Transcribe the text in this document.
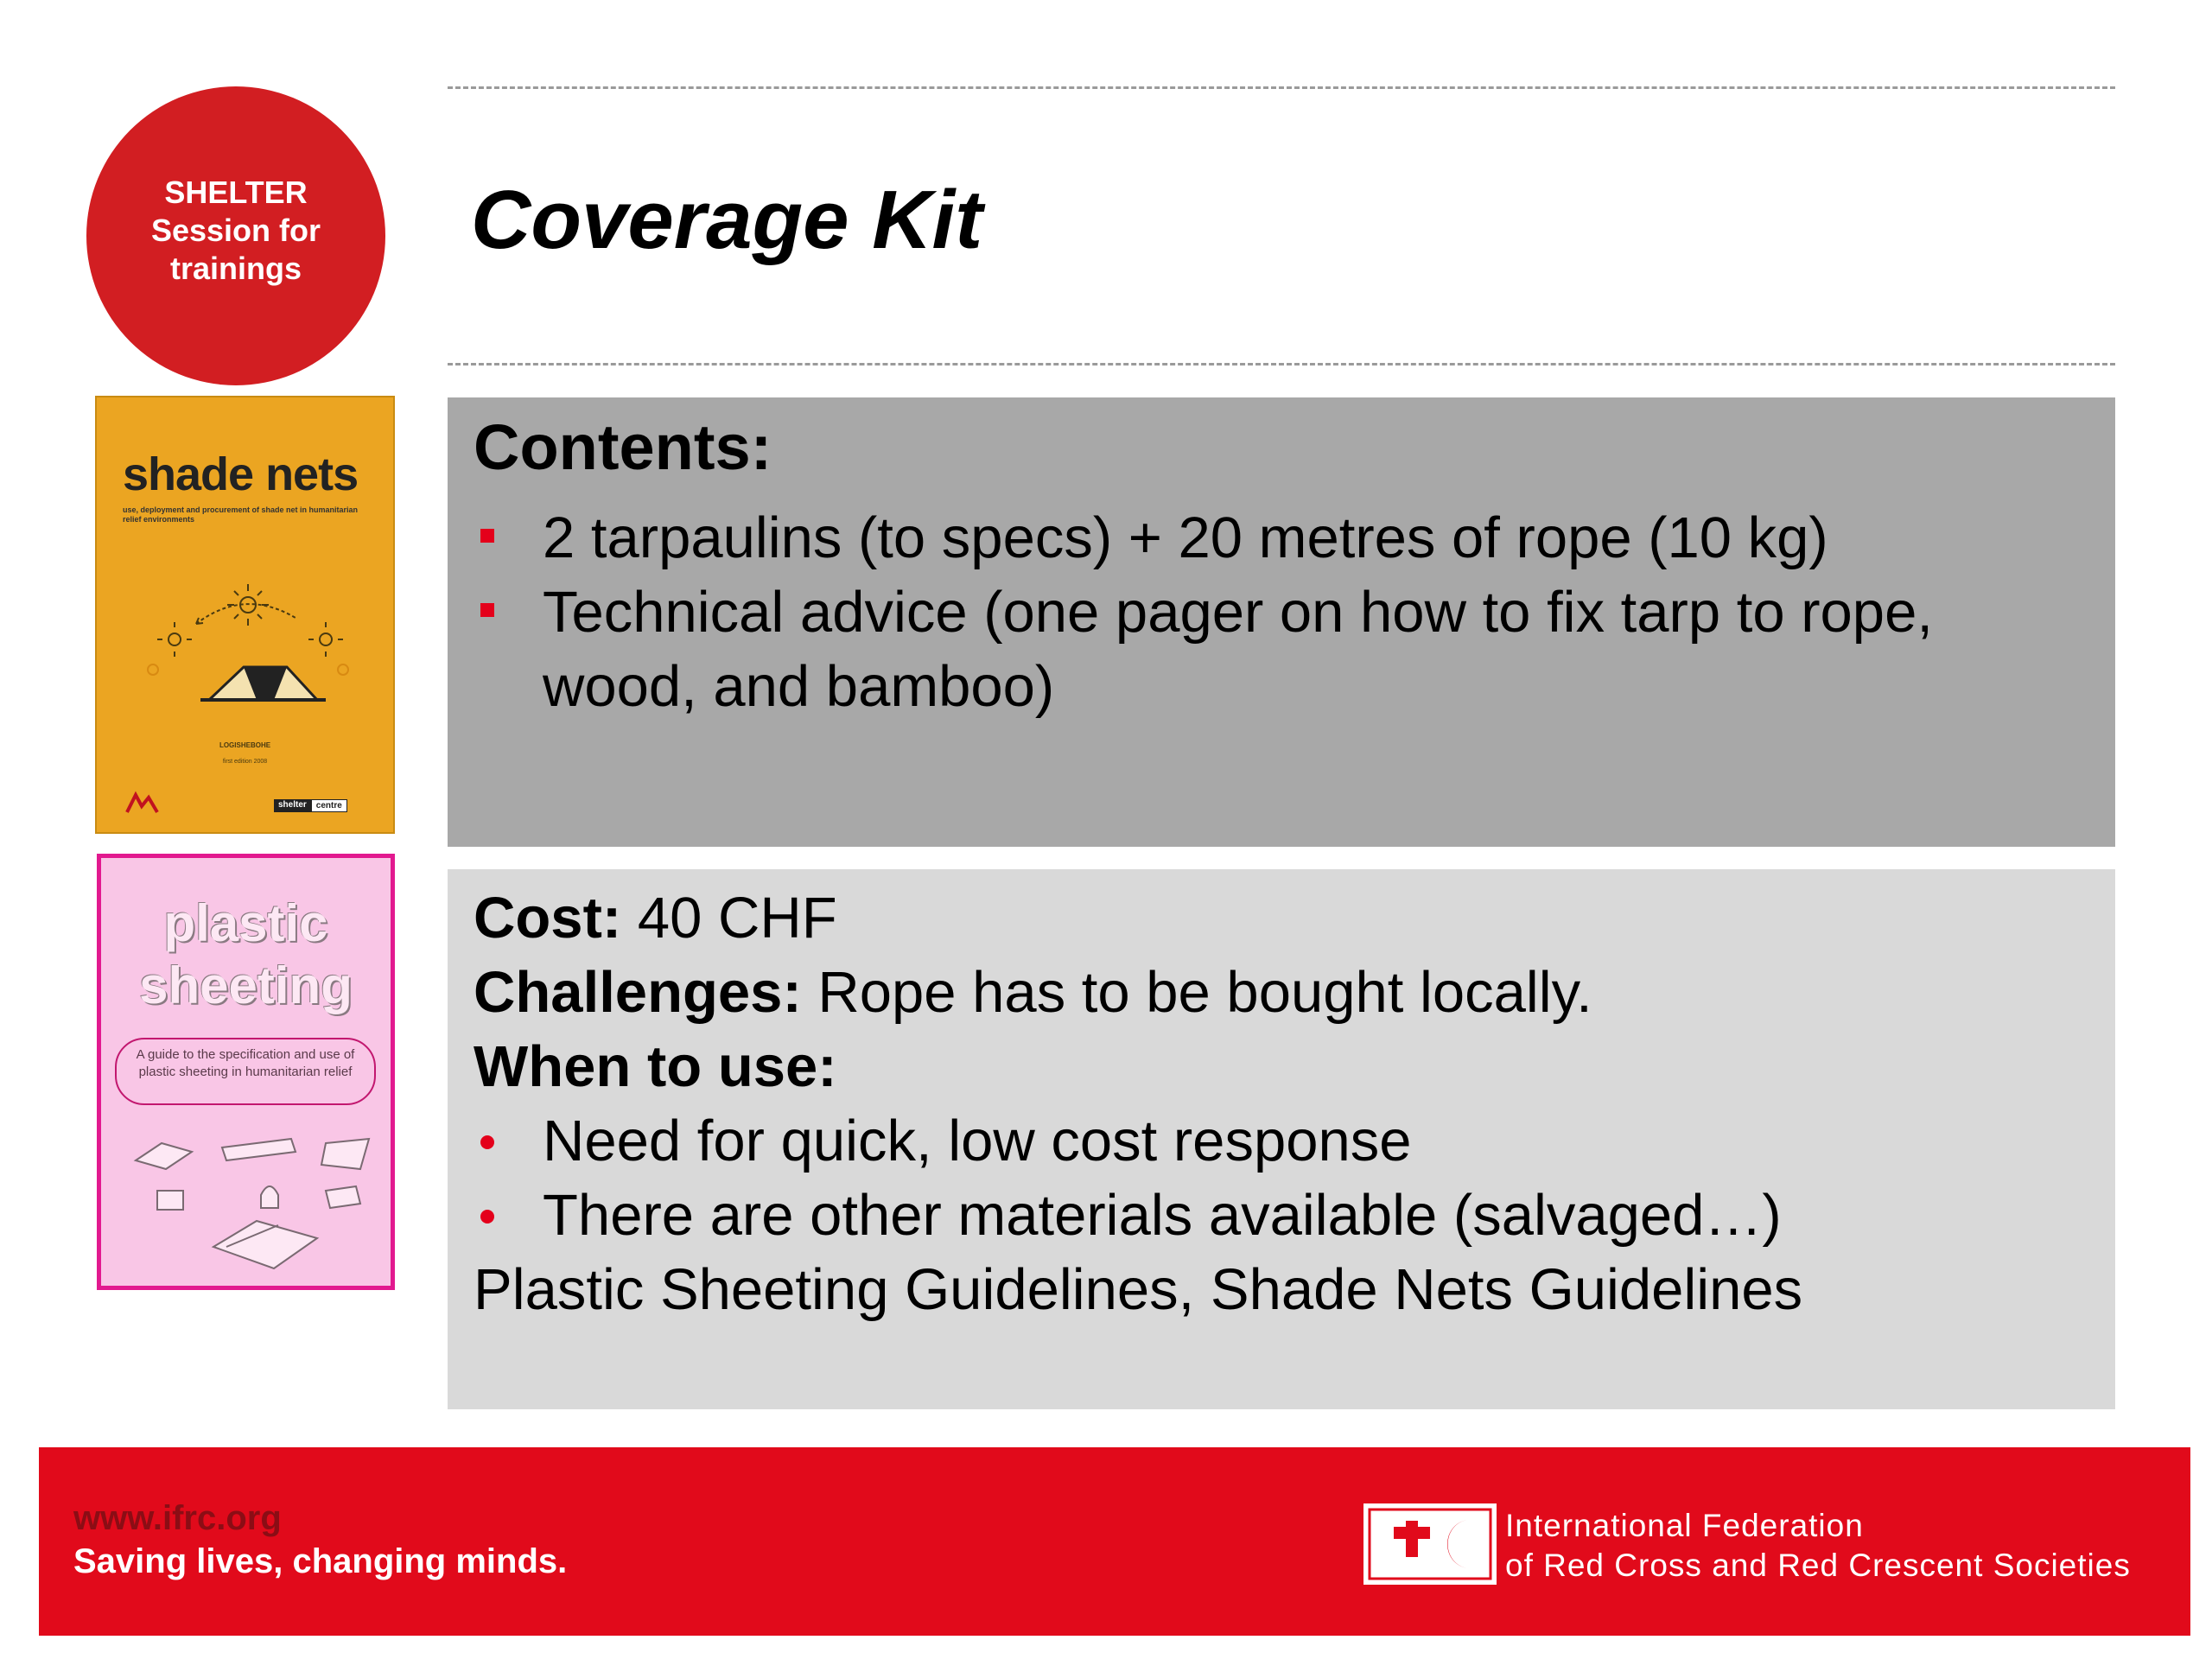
SHELTER
Session for
trainings
Coverage Kit
shade nets
use, deployment and procurement of shade net in humanitarian relief environments
LOGISHEBOHE
first edition 2008
shelter	centre
plastic
sheeting
A guide to the specification and use of plastic sheeting in humanitarian relief
Contents:
2 tarpaulins (to specs) + 20 metres of rope (10 kg)
Technical advice (one pager on how to fix tarp to rope,
wood, and bamboo)
Cost: 40 CHF
Challenges: Rope has to be bought locally.
When to use:
Need for quick, low cost response
There are other materials available (salvaged…)
Plastic Sheeting Guidelines, Shade Nets Guidelines
www.ifrc.org
Saving lives, changing minds.
International Federation
of Red Cross and Red Crescent Societies
